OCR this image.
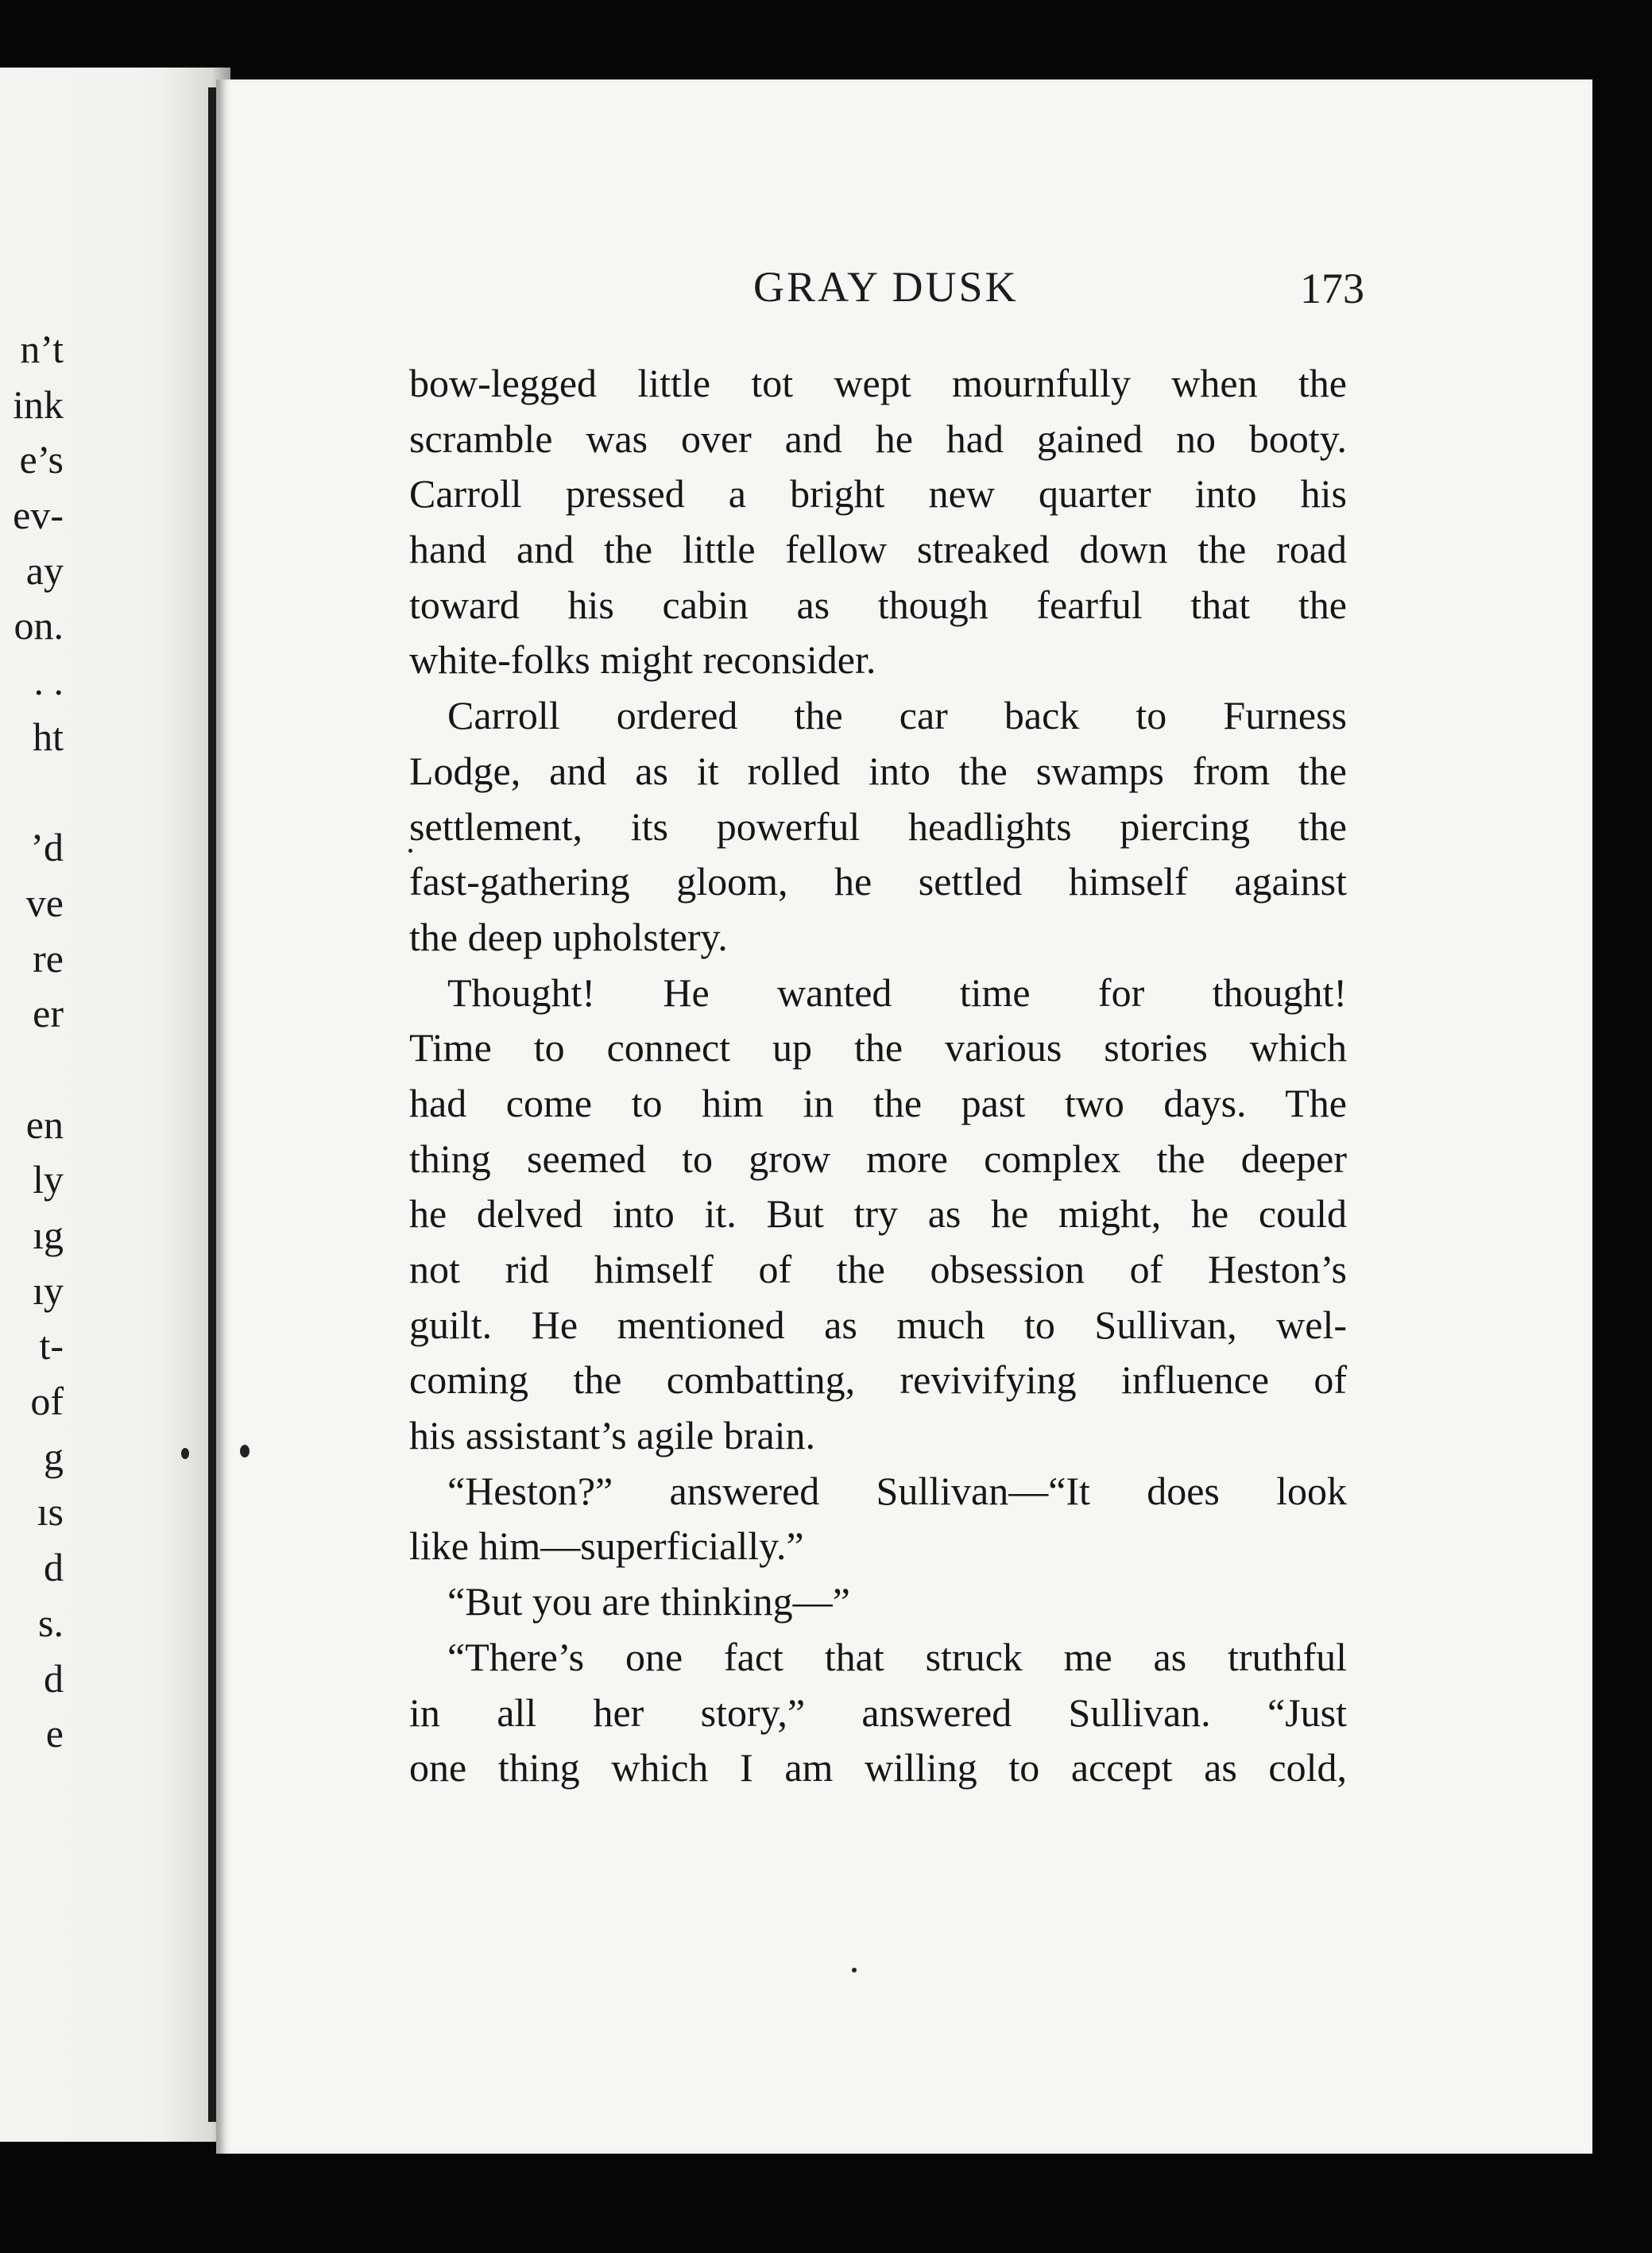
n’t
ink
e’s
ev-
ay
on.
. .
ht
’d
ve
re
er
en
ly
ıg
ıy
t-
of
g
ıs
d
s.
d
e
GRAY DUSK	173
bow-legged little tot wept mournfully when the
scramble was over and he had gained no booty.
Carroll pressed a bright new quarter into his
hand and the little fellow streaked down the road
toward his cabin as though fearful that the
white-folks might reconsider.
Carroll ordered the car back to Furness
Lodge, and as it rolled into the swamps from the
settlement, its powerful headlights piercing the
fast-gathering gloom, he settled himself against
the deep upholstery.
Thought! He wanted time for thought!
Time to connect up the various stories which
had come to him in the past two days. The
thing seemed to grow more complex the deeper
he delved into it. But try as he might, he could
not rid himself of the obsession of Heston’s
guilt. He mentioned as much to Sullivan, wel-
coming the combatting, revivifying influence of
his assistant’s agile brain.
“Heston?” answered Sullivan—“It does look
like him—superficially.”
“But you are thinking—”
“There’s one fact that struck me as truthful
in all her story,” answered Sullivan. “Just
one thing which I am willing to accept as cold,
